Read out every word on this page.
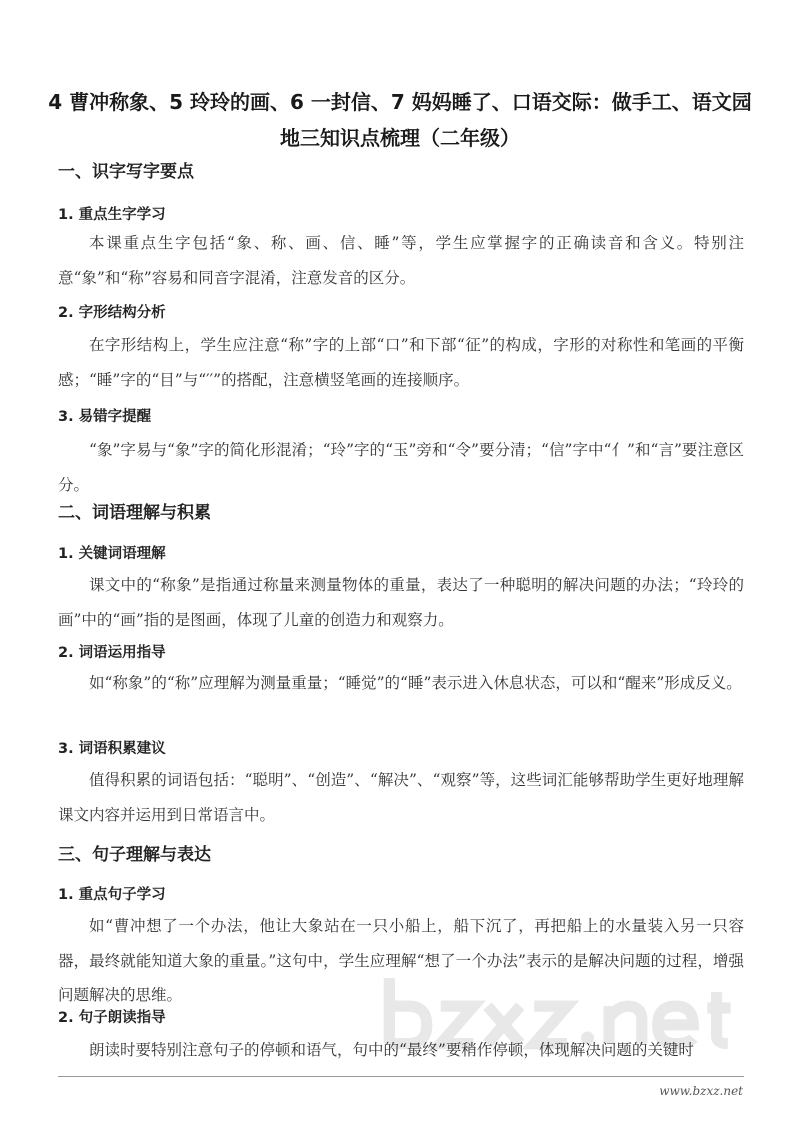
4 曹冲称象、5 玲玲的画、6 一封信、7 妈妈睡了、口语交际：做手工、语文园地三知识点梳理（二年级）
一、识字写字要点
1. 重点生字学习
本课重点生字包括“象、称、画、信、睡”等，学生应掌握字的正确读音和含义。特别注意“象”和“称”容易和同音字混淆，注意发音的区分。
2. 字形结构分析
在字形结构上，学生应注意“称”字的上部“口”和下部“征”的构成，字形的对称性和笔画的平衡感；“睡”字的“目”与“′′”的搭配，注意横竖笔画的连接顺序。
3. 易错字提醒
“象”字易与“象”字的简化形混淆；“玲”字的“玉”旁和“令”要分清；“信”字中“亻”和“言”要注意区分。
二、词语理解与积累
1. 关键词语理解
课文中的“称象”是指通过称量来测量物体的重量，表达了一种聪明的解决问题的办法；“玲玲的画”中的“画”指的是图画，体现了儿童的创造力和观察力。
2. 词语运用指导
如“称象”的“称”应理解为测量重量；“睡觉”的“睡”表示进入休息状态，可以和“醒来”形成反义。
3. 词语积累建议
值得积累的词语包括：“聪明”、“创造”、“解决”、“观察”等，这些词汇能够帮助学生更好地理解课文内容并运用到日常语言中。
三、句子理解与表达
1. 重点句子学习
如“曹冲想了一个办法，他让大象站在一只小船上，船下沉了，再把船上的水量装入另一只容器，最终就能知道大象的重量。”这句中，学生应理解“想了一个办法”表示的是解决问题的过程，增强问题解决的思维。
2. 句子朗读指导
朗读时要特别注意句子的停顿和语气，句中的“最终”要稍作停顿，体现解决问题的关键时
www.bzxz.net
